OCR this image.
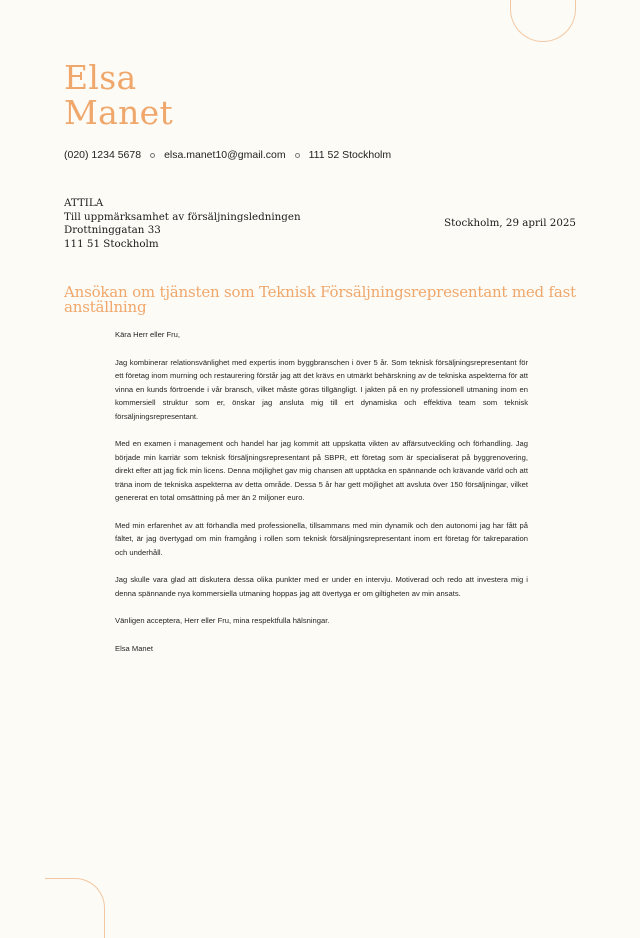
Elsa
Manet
(020) 1234 5678 elsa.manet10@gmail.com 111 52 Stockholm
ATTILA
Till uppmärksamhet av försäljningsledningen
Drottninggatan 33
111 51 Stockholm
Stockholm, 29 april 2025
Ansökan om tjänsten som Teknisk Försäljningsrepresentant med fast anställning

Kära Herr eller Fru,

Jag kombinerar relationsvänlighet med expertis inom byggbranschen i över 5 år. Som teknisk försäljningsrepresentant för ett företag inom murning och restaurering förstår jag att det krävs en utmärkt behärskning av de tekniska aspekterna för att vinna en kunds förtroende i vår bransch, vilket måste göras tillgängligt. I jakten på en ny professionell utmaning inom en kommersiell struktur som er, önskar jag ansluta mig till ert dynamiska och effektiva team som teknisk försäljningsrepresentant.

Med en examen i management och handel har jag kommit att uppskatta vikten av affärsutveckling och förhandling. Jag började min karriär som teknisk försäljningsrepresentant på SBPR, ett företag som är specialiserat på byggrenovering, direkt efter att jag fick min licens. Denna möjlighet gav mig chansen att upptäcka en spännande och krävande värld och att träna inom de tekniska aspekterna av detta område. Dessa 5 år har gett möjlighet att avsluta över 150 försäljningar, vilket genererat en total omsättning på mer än 2 miljoner euro.

Med min erfarenhet av att förhandla med professionella, tillsammans med min dynamik och den autonomi jag har fått på fältet, är jag övertygad om min framgång i rollen som teknisk försäljningsrepresentant inom ert företag för takreparation och underhåll.

Jag skulle vara glad att diskutera dessa olika punkter med er under en intervju. Motiverad och redo att investera mig i denna spännande nya kommersiella utmaning hoppas jag att övertyga er om giltigheten av min ansats.

Vänligen acceptera, Herr eller Fru, mina respektfulla hälsningar.

Elsa Manet
